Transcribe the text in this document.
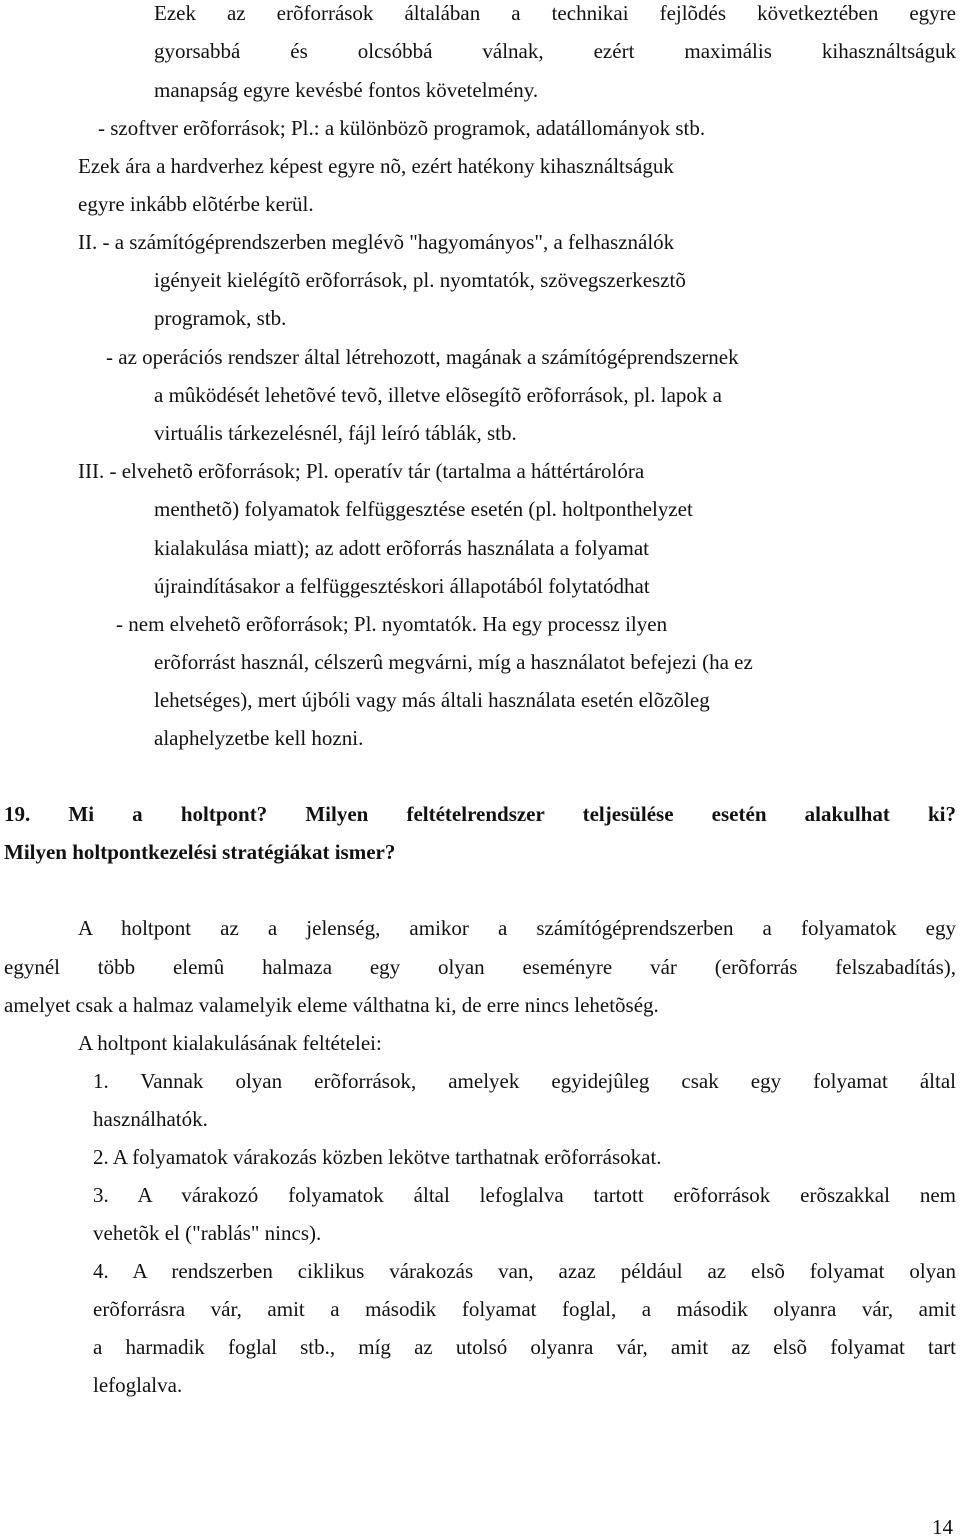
Ezek az erõforrások általában a technikai fejlõdés következtében egyre
gyorsabbá és olcsóbbá válnak, ezért maximális kihasználtságuk
manapság egyre kevésbé fontos követelmény.
- szoftver erõforrások; Pl.: a különbözõ programok, adatállományok stb.
Ezek ára a hardverhez képest egyre nõ, ezért hatékony kihasználtságuk
egyre inkább elõtérbe kerül.
II. - a számítógéprendszerben meglévõ "hagyományos", a felhasználók
igényeit kielégítõ erõforrások, pl. nyomtatók, szövegszerkesztõ
programok, stb.
- az operációs rendszer által létrehozott, magának a számítógéprendszernek
a mûködését lehetõvé tevõ, illetve elõsegítõ erõforrások, pl. lapok a
virtuális tárkezelésnél, fájl leíró táblák, stb.
III. - elvehetõ erõforrások; Pl. operatív tár (tartalma a háttértárolóra
menthetõ) folyamatok felfüggesztése esetén (pl. holtponthelyzet
kialakulása miatt); az adott erõforrás használata a folyamat
újraindításakor a felfüggesztéskori állapotából folytatódhat
- nem elvehetõ erõforrások; Pl. nyomtatók. Ha egy processz ilyen
erõforrást használ, célszerû megvárni, míg a használatot befejezi (ha ez
lehetséges), mert újbóli vagy más általi használata esetén elõzõleg
alaphelyzetbe kell hozni.
19. Mi a holtpont? Milyen feltételrendszer teljesülése esetén alakulhat ki?
Milyen holtpontkezelési stratégiákat ismer?
A holtpont az a jelenség, amikor a számítógéprendszerben a folyamatok egy
egynél több elemû halmaza egy olyan eseményre vár (erõforrás felszabadítás),
amelyet csak a halmaz valamelyik eleme válthatna ki, de erre nincs lehetõség.
A holtpont kialakulásának feltételei:
1. Vannak olyan erõforrások, amelyek egyidejûleg csak egy folyamat által
használhatók.
2. A folyamatok várakozás közben lekötve tarthatnak erõforrásokat.
3. A várakozó folyamatok által lefoglalva tartott erõforrások erõszakkal nem
vehetõk el ("rablás" nincs).
4. A rendszerben ciklikus várakozás van, azaz például az elsõ folyamat olyan
erõforrásra vár, amit a második folyamat foglal, a második olyanra vár, amit
a harmadik foglal stb., míg az utolsó olyanra vár, amit az elsõ folyamat tart
lefoglalva.
14
